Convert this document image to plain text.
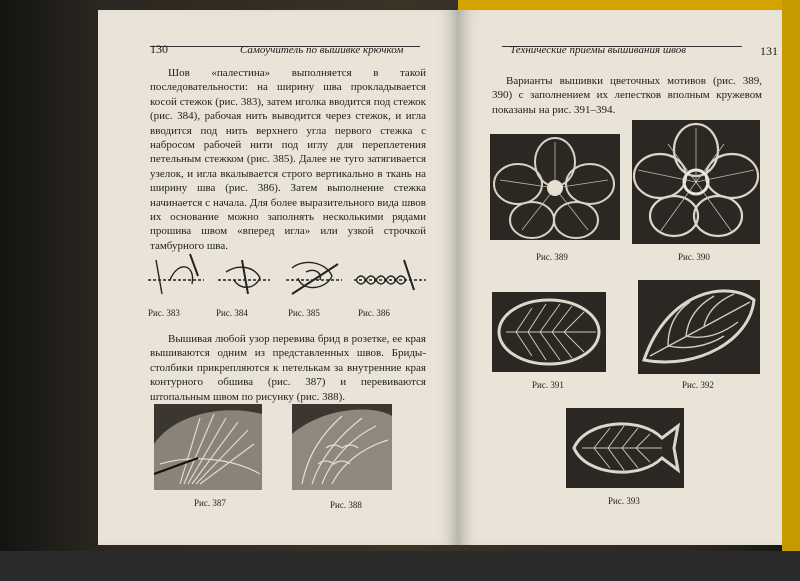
130	Самоучитель по вышивке крючком
Шов «палестина» выполняется в такой последовательности: на ширину шва прокладывается косой стежок (рис. 383), затем иголка вводится под стежок (рис. 384), рабочая нить выводится через стежок, и игла вводится под нить верхнего угла первого стежка с набросом рабочей нити под иглу для переплетения петельным стежком (рис. 385). Далее не туго затягивается узелок, и игла вкалывается строго вертикально в ткань на ширину шва (рис. 386). Затем выполнение стежка начинается с начала. Для более выразительного вида швов их основание можно заполнять несколькими рядами прошива швом «вперед игла» или узкой строчкой тамбурного шва.
Рис. 383	Рис. 384	Рис. 385	Рис. 386
Вышивая любой узор перевива брид в розетке, ее края вышиваются одним из представленных швов. Бриды-столбики прикрепляются к петелькам за внутренние края контурного обшива (рис. 387) и перевиваются штопальным швом по рисунку (рис. 388).
Рис. 387	Рис. 388
Технические приемы вышивания швов	131
Варианты вышивки цветочных мотивов (рис. 389, 390) с заполнением их лепестков вполным кружевом показаны на рис. 391–394.
Рис. 389	Рис. 390
Рис. 391	Рис. 392
Рис. 393
